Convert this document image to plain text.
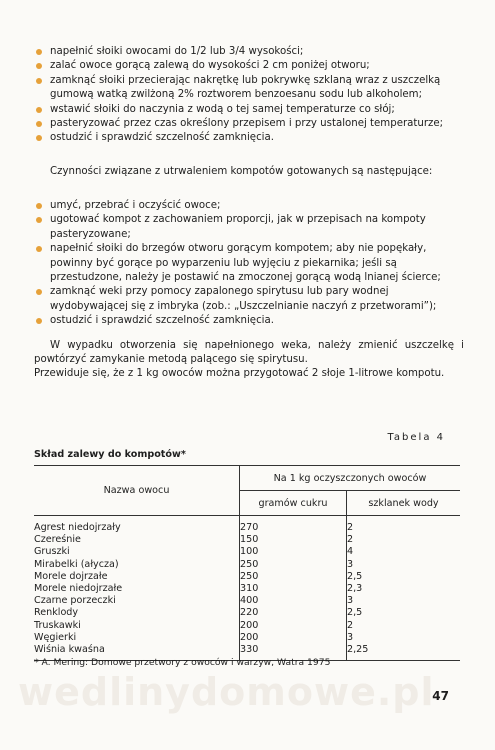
napełnić słoiki owocami do 1/2 lub 3/4 wysokości;
zalać owoce gorącą zalewą do wysokości 2 cm poniżej otworu;
zamknąć słoiki przecierając nakrętkę lub pokrywkę szklaną wraz z uszczelką gumową watką zwilżoną 2% roztworem benzoesanu sodu lub alkoholem;
wstawić słoiki do naczynia z wodą o tej samej temperaturze co słój;
pasteryzować przez czas określony przepisem i przy ustalonej temperaturze;
ostudzić i sprawdzić szczelność zamknięcia.

Czynności związane z utrwaleniem kompotów gotowanych są następujące:

umyć, przebrać i oczyścić owoce;
ugotować kompot z zachowaniem proporcji, jak w przepisach na kompoty pasteryzowane;
napełnić słoiki do brzegów otworu gorącym kompotem; aby nie popękały, powinny być gorące po wyparzeniu lub wyjęciu z piekarnika; jeśli są przestudzone, należy je postawić na zmoczonej gorącą wodą lnianej ścierce;
zamknąć weki przy pomocy zapalonego spirytusu lub pary wodnej wydobywającej się z imbryka (zob.: „Uszczelnianie naczyń z przetworami”);
ostudzić i sprawdzić szczelność zamknięcia.

W wypadku otworzenia się napełnionego weka, należy zmienić uszczelkę i powtórzyć zamykanie metodą palącego się spirytusu.

Przewiduje się, że z 1 kg owoców można przygotować 2 słoje 1-litrowe kompotu.

Tabela 4
Skład zalewy do kompotów*
Nazwa owocu	Na 1 kg oczyszczonych owoców	
	gramów cukru	szklanek wody
Agrest niedojrzały	270	2
Czereśnie	150	2
Gruszki	100	4
Mirabelki (ałycza)	250	3
Morele dojrzałe	250	2,5
Morele niedojrzałe	310	2,3
Czarne porzeczki	400	3
Renklody	220	2,5
Truskawki	200	2
Węgierki	200	3
Wiśnia kwaśna	330	2,25
* A. Mering: Domowe przetwory z owoców i warzyw, Watra 1975
wedlinydomowe.pl
47
